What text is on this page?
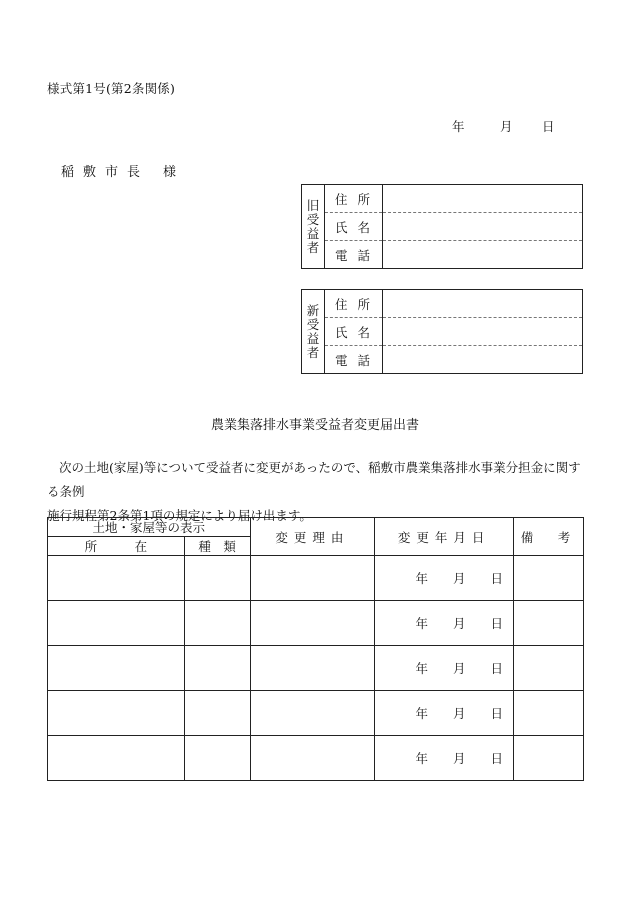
様式第1号(第2条関係)
年	月	日
稲敷市長 様
旧
受
益
者	住所	
	氏名	
	電話	
新
受
益
者	住所	
	氏名	
	電話	
農業集落排水事業受益者変更届出書
次の土地(家屋)等について受益者に変更があったので、稲敷市農業集落排水事業分担金に関する条例
施行規程第2条第1項の規定により届け出ます。
土地・家屋等の表示		変更理由	変更年月日	備　考
所　　　在	種　類			
			年　　月　　日	
			年　　月　　日	
			年　　月　　日	
			年　　月　　日	
			年　　月　　日	
